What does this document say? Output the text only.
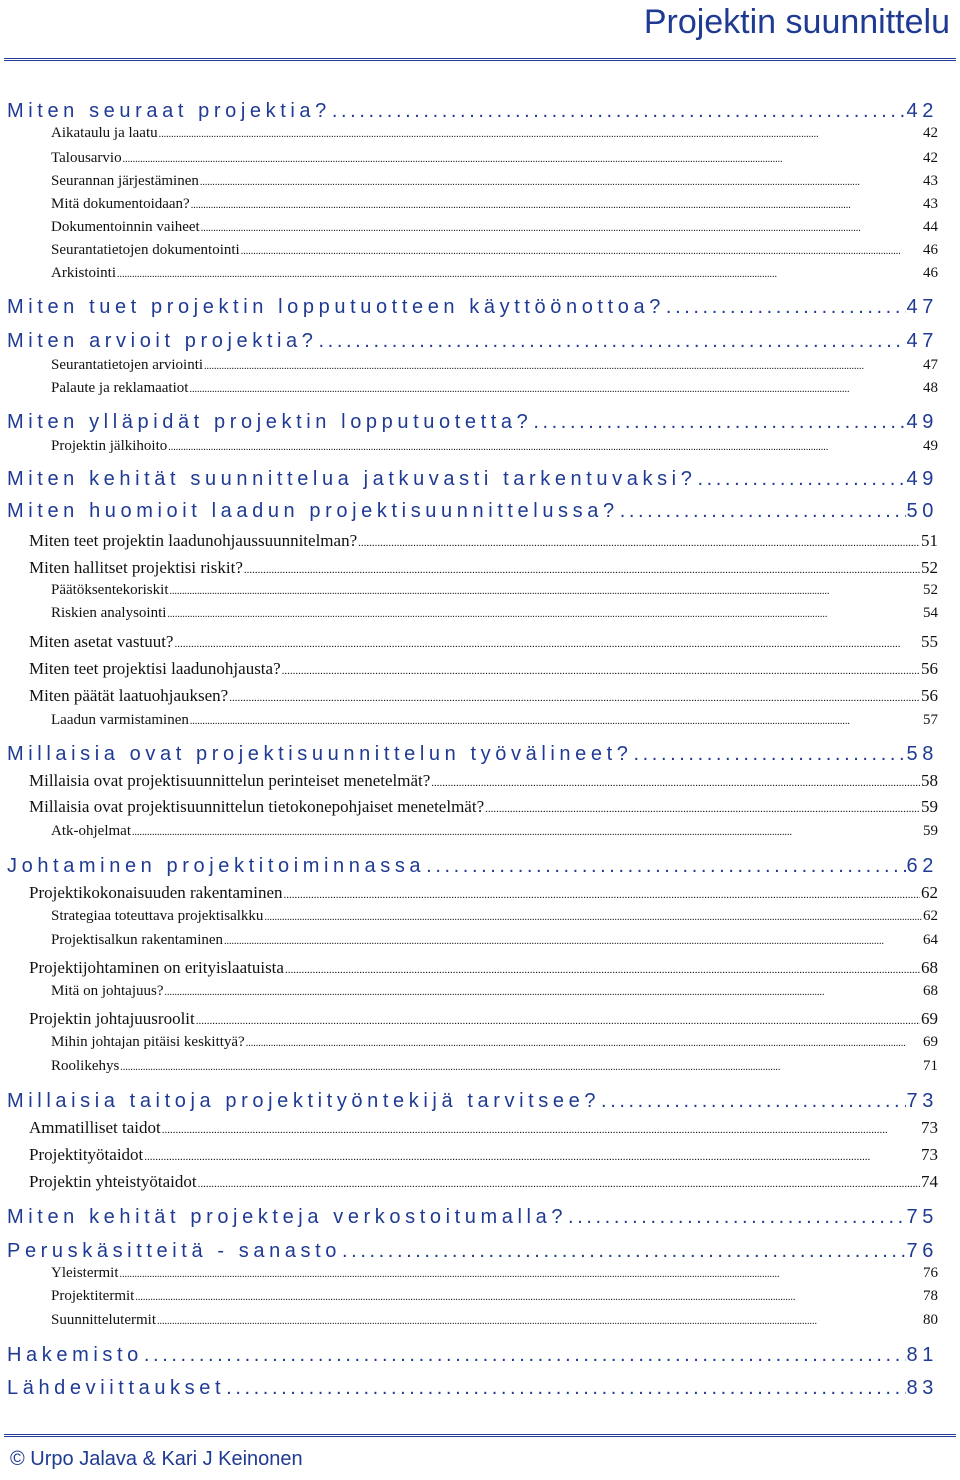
Projektin suunnittelu
Miten seuraat projektia? .....	42
Aikataulu ja laatu .....	42
Talousarvio .....	42
Seurannan järjestäminen .....	43
Mitä dokumentoidaan? .....	43
Dokumentoinnin vaiheet .....	44
Seurantatietojen dokumentointi .....	46
Arkistointi .....	46
Miten tuet projektin lopputuotteen käyttöönottoa? .....	47
Miten arvioit projektia? .....	47
Seurantatietojen arviointi .....	47
Palaute ja reklamaatiot .....	48
Miten ylläpidät projektin lopputuotetta? .....	49
Projektin jälkihoito .....	49
Miten kehität suunnittelua jatkuvasti tarkentuvaksi? .....	49
Miten huomioit laadun projektisuunnittelussa? .....	50
Miten teet projektin laadunohjaussuunnitelman? .....	51
Miten hallitset projektisi riskit? .....	52
Päätöksentekoriskit .....	52
Riskien analysointi .....	54
Miten asetat vastuut? .....	55
Miten teet projektisi laadunohjausta? .....	56
Miten päätät laatuohjauksen? .....	56
Laadun varmistaminen .....	57
Millaisia ovat projektisuunnittelun työvälineet? .....	58
Millaisia ovat projektisuunnittelun perinteiset menetelmät? .....	58
Millaisia ovat projektisuunnittelun tietokonepohjaiset menetelmät? .....	59
Atk-ohjelmat .....	59
Johtaminen projektitoiminnassa .....	62
Projektikokonaisuuden rakentaminen .....	62
Strategiaa toteuttava projektisalkku .....	62
Projektisalkun rakentaminen .....	64
Projektijohtaminen on erityislaatuista .....	68
Mitä on johtajuus? .....	68
Projektin johtajuusroolit .....	69
Mihin johtajan pitäisi keskittyä? .....	69
Roolikehys .....	71
Millaisia taitoja projektityöntekijä tarvitsee? .....	73
Ammatilliset taidot .....	73
Projektityötaidot .....	73
Projektin yhteistyötaidot .....	74
Miten kehität projekteja verkostoitumalla? .....	75
Peruskäsitteitä - sanasto .....	76
Yleistermit .....	76
Projektitermit .....	78
Suunnittelutermit .....	80
Hakemisto .....	81
Lähdeviittaukset .....	83
© Urpo Jalava & Kari J Keinonen
